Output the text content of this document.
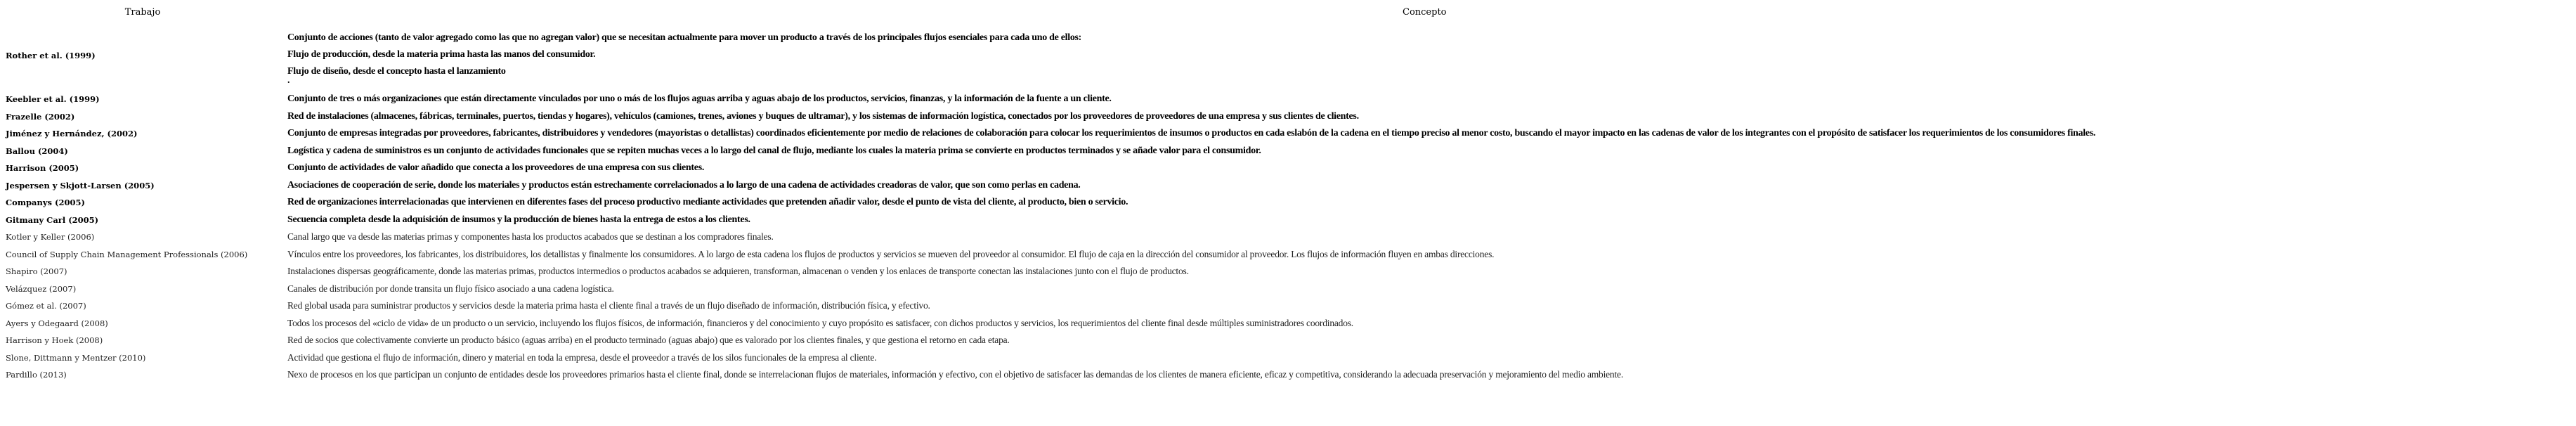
Trabajo	Concepto
Rother et al. (1999)	Conjunto de acciones (tanto de valor agregado como las que no agregan valor) que se necesitan actualmente para mover un producto a través de los principales flujos esenciales para cada uno de ellos:
Flujo de producción, desde la materia prima hasta las manos del consumidor.
Flujo de diseño, desde el concepto hasta el lanzamiento
.

Keebler et al. (1999)	Conjunto de tres o más organizaciones que están directamente vinculados por uno o más de los flujos aguas arriba y aguas abajo de los productos, servicios, finanzas, y la información de la fuente a un cliente.
Frazelle (2002)	Red de instalaciones (almacenes, fábricas, terminales, puertos, tiendas y hogares), vehículos (camiones, trenes, aviones y buques de ultramar), y los sistemas de información logística, conectados por los proveedores de proveedores de una empresa y sus clientes de clientes.
Jiménez y Hernández, (2002)	Conjunto de empresas integradas por proveedores, fabricantes, distribuidores y vendedores (mayoristas o detallistas) coordinados eficientemente por medio de relaciones de colaboración para colocar los requerimientos de insumos o productos en cada eslabón de la cadena en el tiempo preciso al menor costo, buscando el mayor impacto en las cadenas de valor de los integrantes con el propósito de satisfacer los requerimientos de los consumidores finales.
Ballou (2004)	Logística y cadena de suministros es un conjunto de actividades funcionales que se repiten muchas veces a lo largo del canal de flujo, mediante los cuales la materia prima se convierte en productos terminados y se añade valor para el consumidor.
Harrison (2005)	Conjunto de actividades de valor añadido que conecta a los proveedores de una empresa con sus clientes.
Jespersen y Skjott-Larsen (2005)	Asociaciones de cooperación de serie, donde los materiales y productos están estrechamente correlacionados a lo largo de una cadena de actividades creadoras de valor, que son como perlas en cadena.
Companys (2005)	Red de organizaciones interrelacionadas que intervienen en diferentes fases del proceso productivo mediante actividades que pretenden añadir valor, desde el punto de vista del cliente, al producto, bien o servicio.
Gitmany Carl (2005)	Secuencia completa desde la adquisición de insumos y la producción de bienes hasta la entrega de estos a los clientes.
Kotler y Keller (2006)	Canal largo que va desde las materias primas y componentes hasta los productos acabados que se destinan a los compradores finales.
Council of Supply Chain Management Professionals (2006)	Vínculos entre los proveedores, los fabricantes, los distribuidores, los detallistas y finalmente los consumidores. A lo largo de esta cadena los flujos de productos y servicios se mueven del proveedor al consumidor. El flujo de caja en la dirección del consumidor al proveedor. Los flujos de información fluyen en ambas direcciones.
Shapiro (2007)	Instalaciones dispersas geográficamente, donde las materias primas, productos intermedios o productos acabados se adquieren, transforman, almacenan o venden y los enlaces de transporte conectan las instalaciones junto con el flujo de productos.
Velázquez (2007)	Canales de distribución por donde transita un flujo físico asociado a una cadena logística.
Gómez et al. (2007)	Red global usada para suministrar productos y servicios desde la materia prima hasta el cliente final a través de un flujo diseñado de información, distribución física, y efectivo.
Ayers y Odegaard (2008)	Todos los procesos del «ciclo de vida» de un producto o un servicio, incluyendo los flujos físicos, de información, financieros y del conocimiento y cuyo propósito es satisfacer, con dichos productos y servicios, los requerimientos del cliente final desde múltiples suministradores coordinados.
Harrison y Hoek (2008)	Red de socios que colectivamente convierte un producto básico (aguas arriba) en el producto terminado (aguas abajo) que es valorado por los clientes finales, y que gestiona el retorno en cada etapa.
Slone, Dittmann y Mentzer (2010)	Actividad que gestiona el flujo de información, dinero y material en toda la empresa, desde el proveedor a través de los silos funcionales de la empresa al cliente.
Pardillo (2013)	Nexo de procesos en los que participan un conjunto de entidades desde los proveedores primarios hasta el cliente final, donde se interrelacionan flujos de materiales, información y efectivo, con el objetivo de satisfacer las demandas de los clientes de manera eficiente, eficaz y competitiva, considerando la adecuada preservación y mejoramiento del medio ambiente.
